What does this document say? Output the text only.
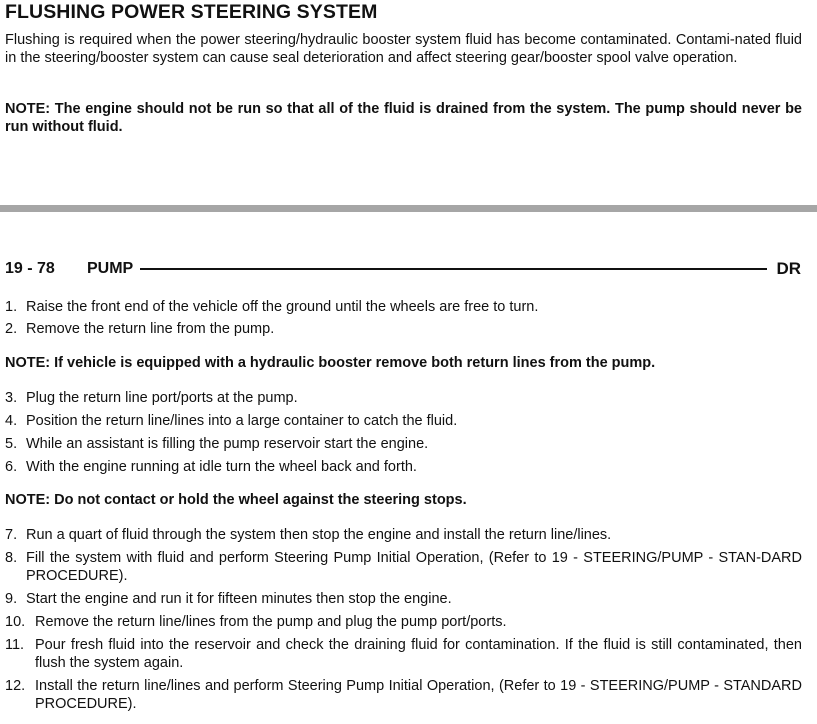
FLUSHING POWER STEERING SYSTEM

Flushing is required when the power steering/hydraulic booster system fluid has become contaminated. Contami-nated fluid in the steering/booster system can cause seal deterioration and affect steering gear/booster spool valve operation.

NOTE: The engine should not be run so that all of the fluid is drained from the system. The pump should never be run without fluid.

19 - 78 PUMP	DR
1. Raise the front end of the vehicle off the ground until the wheels are free to turn.
2. Remove the return line from the pump.

NOTE: If vehicle is equipped with a hydraulic booster remove both return lines from the pump.

3. Plug the return line port/ports at the pump.
4. Position the return line/lines into a large container to catch the fluid.
5. While an assistant is filling the pump reservoir start the engine.
6. With the engine running at idle turn the wheel back and forth.

NOTE: Do not contact or hold the wheel against the steering stops.

7. Run a quart of fluid through the system then stop the engine and install the return line/lines.
8. Fill the system with fluid and perform Steering Pump Initial Operation, (Refer to 19 - STEERING/PUMP - STAN-DARD PROCEDURE).
9. Start the engine and run it for fifteen minutes then stop the engine.
10. Remove the return line/lines from the pump and plug the pump port/ports.
11. Pour fresh fluid into the reservoir and check the draining fluid for contamination. If the fluid is still contaminated, then flush the system again.
12. Install the return line/lines and perform Steering Pump Initial Operation, (Refer to 19 - STEERING/PUMP - STANDARD PROCEDURE).
